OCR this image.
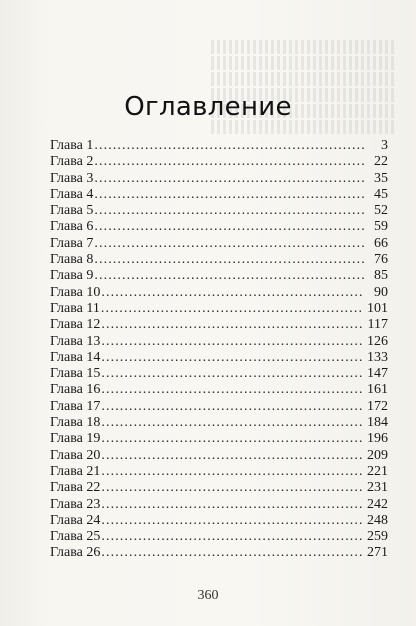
Оглавление
Глава 1 . . .	3
Глава 2 . . .	22
Глава 3 . . .	35
Глава 4 . . .	45
Глава 5 . . .	52
Глава 6 . . .	59
Глава 7 . . .	66
Глава 8 . . .	76
Глава 9 . . .	85
Глава 10 . . .	90
Глава 11 . . .	101
Глава 12 . . .	117
Глава 13 . . .	126
Глава 14 . . .	133
Глава 15 . . .	147
Глава 16 . . .	161
Глава 17 . . .	172
Глава 18 . . .	184
Глава 19 . . .	196
Глава 20 . . .	209
Глава 21 . . .	221
Глава 22 . . .	231
Глава 23 . . .	242
Глава 24 . . .	248
Глава 25 . . .	259
Глава 26 . . .	271
360
